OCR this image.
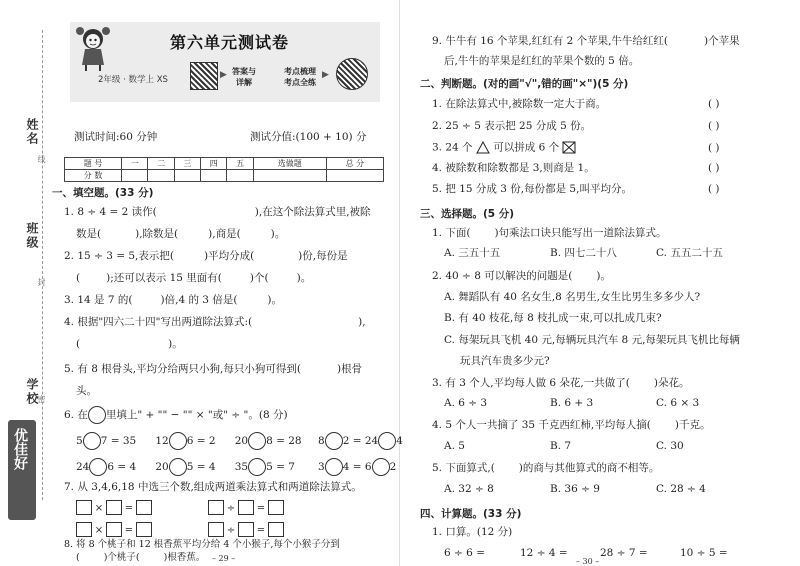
姓名
班级
学校
线
封
密
优佳好
第六单元测试卷
2年级 · 数学上 XS	▶ 答案与
详解
考点梳理
考点全练
▶
测试时间:60 分钟	测试分值:(100 + 10) 分
题 号	一	二	三	四	五	选做题	总 分
分 数							
一、填空题。(33 分)
1. 8 ÷ 4 = 2 读作(	),在这个除法算式里,被除
数是(	),除数是(	),商是(	)。
2. 15 ÷ 3 = 5,表示把(	)平均分成(	)份,每份是
( );还可以表示 15 里面有(	)个(	)。
3. 14 是 7 的(	)倍,4 的 3 倍是(	)。
4. 根据"四六二十四"写出两道除法算式:(	),
(	)。
5. 有 8 根骨头,平均分给两只小狗,每只小狗可得到(	)根骨
头。
6. 在 里填上" + "" − "" × "或" ÷ "。(8 分)
5 7 = 35 12 6 = 2 20 8 = 28 8 2 = 24 4
24 6 = 4 20 5 = 4 35 5 = 7 3 4 = 6 2
7. 从 3,4,6,18 中选三个数,组成两道乘法算式和两道除法算式。
× =	÷ =
× =	÷ =
8. 将 8 个桃子和 12 根香蕉平均分给 4 个小猴子,每个小猴子分到
(	)个桃子(	)根香蕉。 – 29 –
9. 牛牛有 16 个苹果,红红有 2 个苹果,牛牛给红红(	)个苹果
后,牛牛的苹果是红红的苹果个数的 5 倍。
二、判断题。(对的画"√",错的画"×")(5 分)
1. 在除法算式中,被除数一定大于商。	( )
2. 25 ÷ 5 表示把 25 分成 5 份。	( )
3. 24 个 可以拼成 6 个	( )
4. 被除数和除数都是 3,则商是 1。	( )
5. 把 15 分成 3 份,每份都是 5,叫平均分。	( )
三、选择题。(5 分)
1. 下面( )句乘法口诀只能写出一道除法算式。
A. 三五十五	B. 四七二十八	C. 五五二十五
2. 40 ÷ 8 可以解决的问题是( )。
A. 舞蹈队有 40 名女生,8 名男生,女生比男生多多少人?
B. 有 40 枝花,每 8 枝扎成一束,可以扎成几束?
C. 每架玩具飞机 40 元,每辆玩具汽车 8 元,每架玩具飞机比每辆
玩具汽车贵多少元?
3. 有 3 个人,平均每人做 6 朵花,一共做了( )朵花。
A. 6 ÷ 3	B. 6 + 3	C. 6 × 3
4. 5 个人一共摘了 35 千克西红柿,平均每人摘( )千克。
A. 5	B. 7	C. 30
5. 下面算式,( )的商与其他算式的商不相等。
A. 32 ÷ 8	B. 36 ÷ 9	C. 28 ÷ 4
四、计算题。(33 分)
1. 口算。(12 分)
6 ÷ 6 =	12 ÷ 4 =	28 ÷ 7 =	10 ÷ 5 =
– 30 –
